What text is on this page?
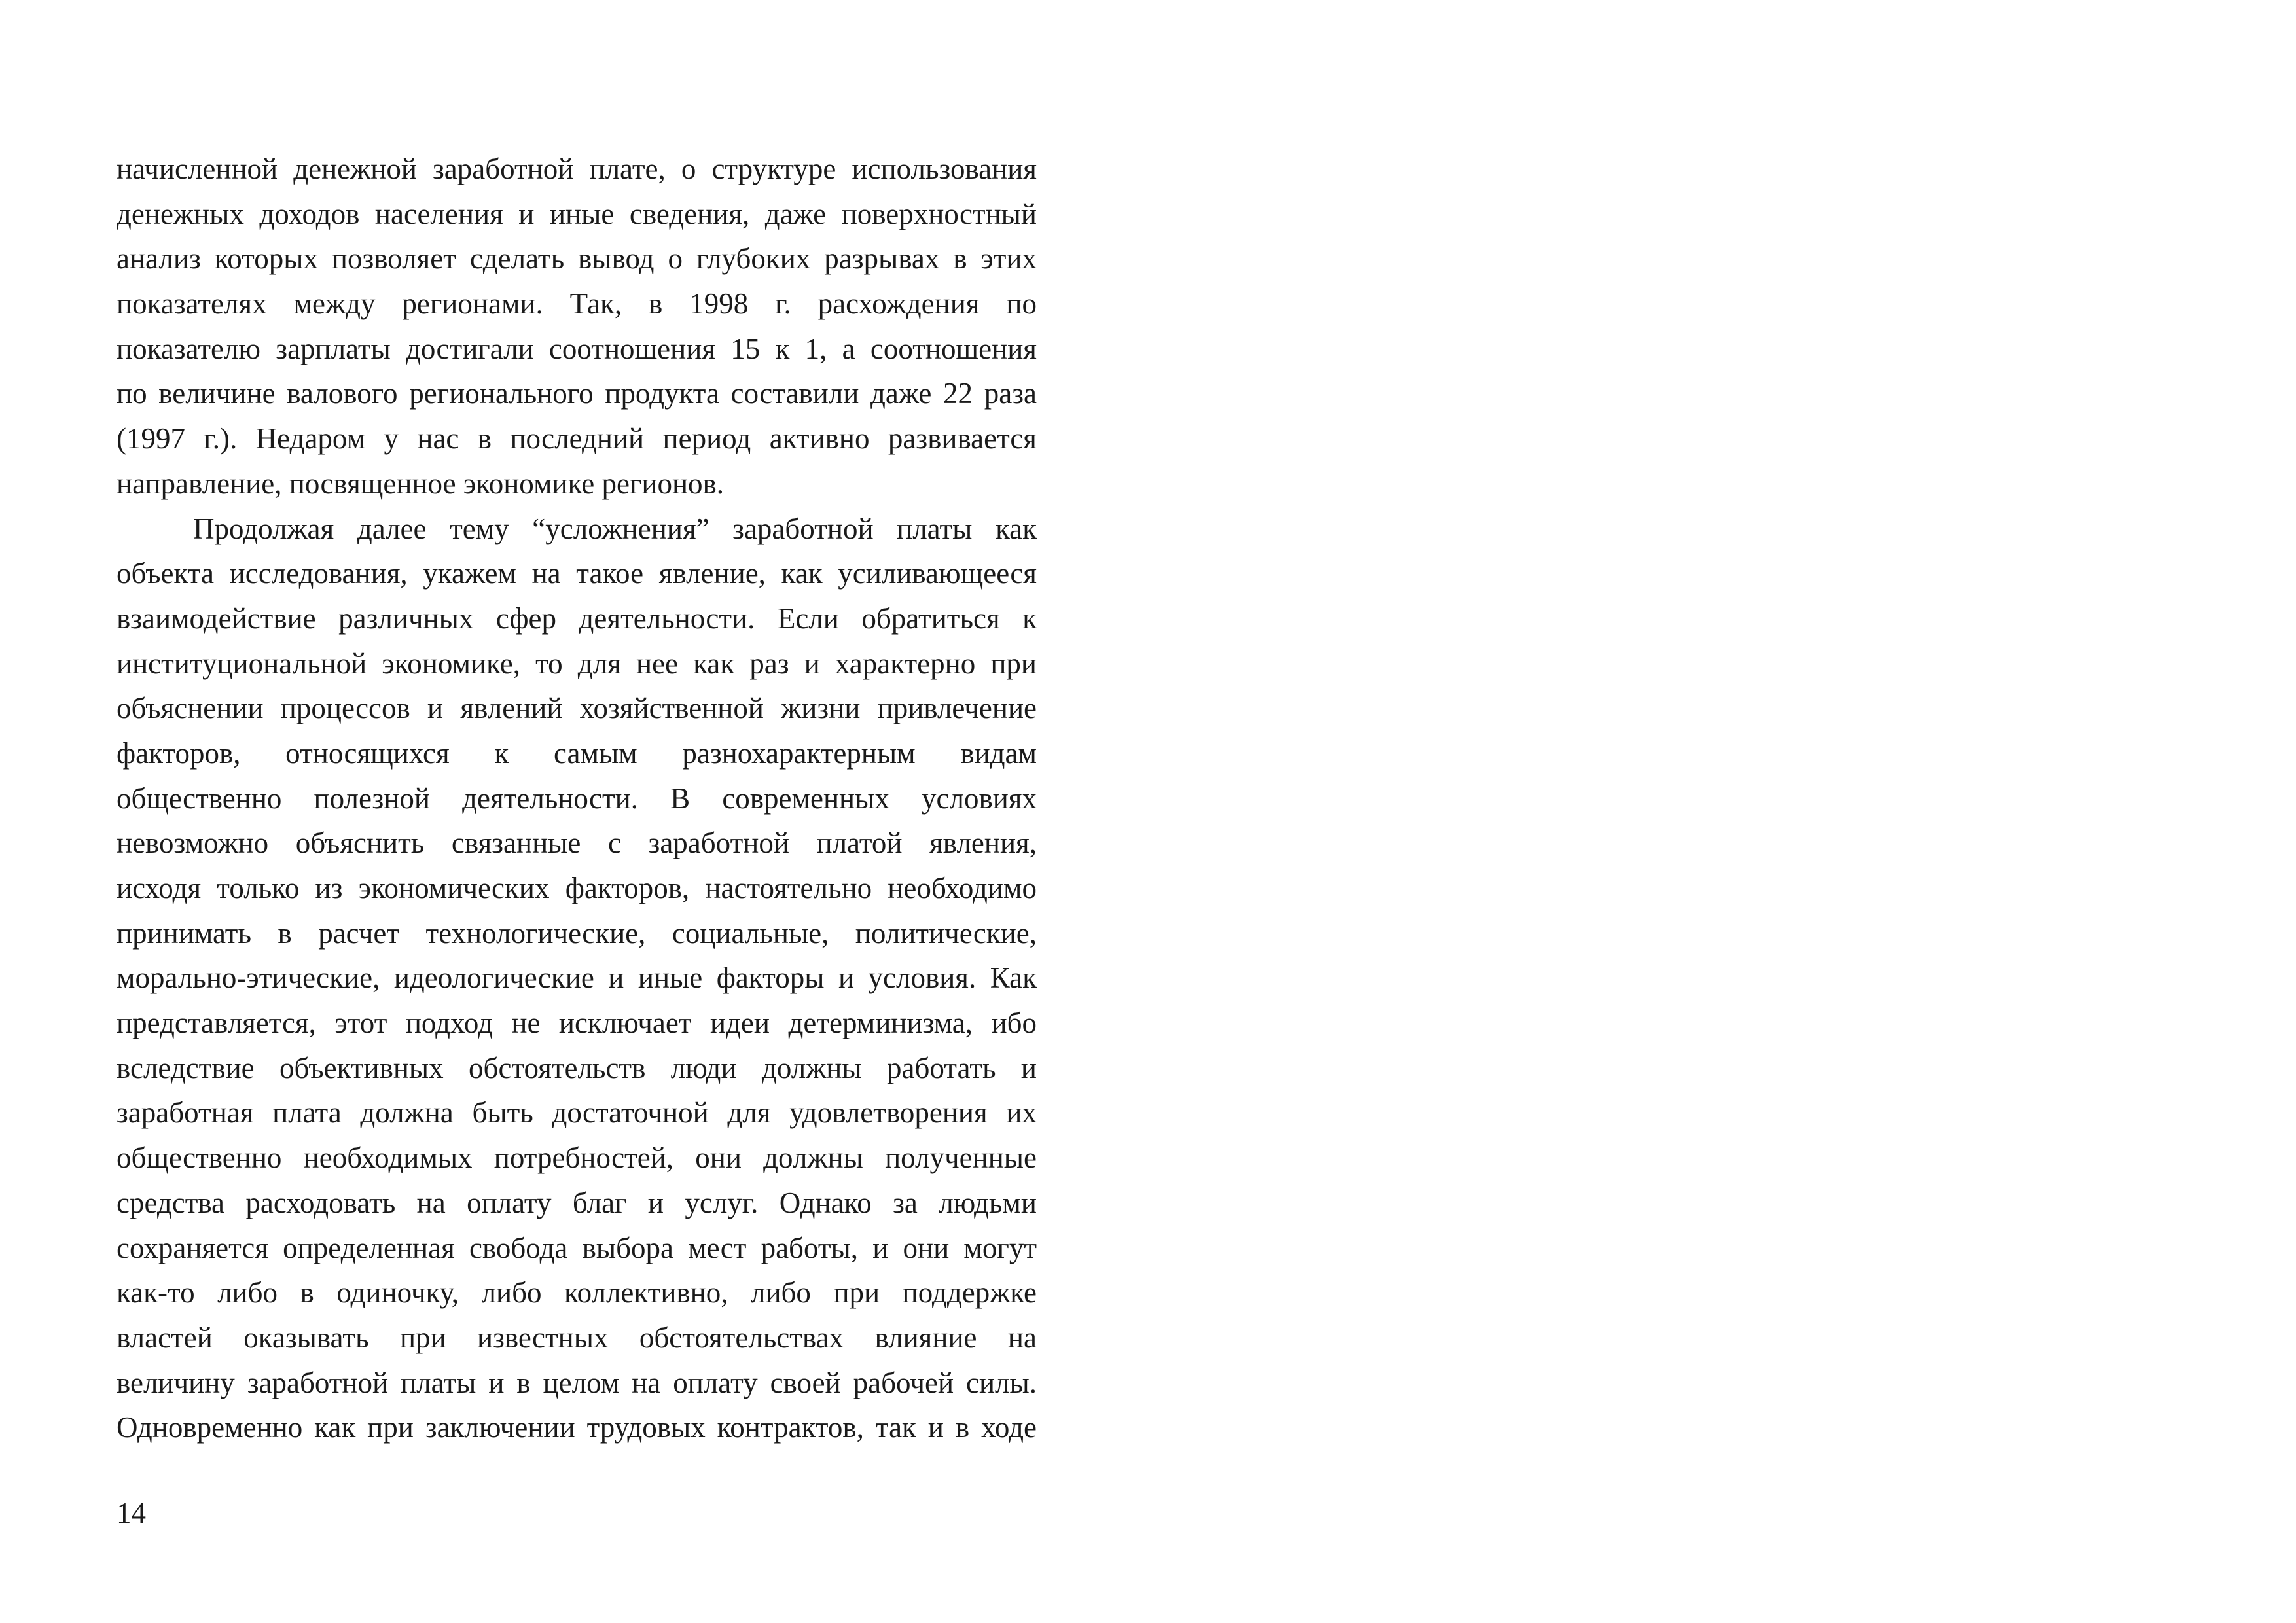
начисленной денежной заработной плате, о структуре использования
денежных доходов населения и иные сведения, даже поверхностный
анализ которых позволяет сделать вывод о глубоких разрывах в этих
показателях между регионами. Так, в 1998 г. расхождения по
показателю зарплаты достигали соотношения 15 к 1, а соотношения
по величине валового регионального продукта составили даже 22 раза
(1997 г.). Недаром у нас в последний период активно развивается
направление, посвященное экономике регионов.
Продолжая далее тему “усложнения” заработной платы как
объекта исследования, укажем на такое явление, как усиливающееся
взаимодействие различных сфер деятельности. Если обратиться к
институциональной экономике, то для нее как раз и характерно при
объяснении процессов и явлений хозяйственной жизни привлечение
факторов, относящихся к самым разнохарактерным видам
общественно полезной деятельности. В современных условиях
невозможно объяснить связанные с заработной платой явления,
исходя только из экономических факторов, настоятельно необходимо
принимать в расчет технологические, социальные, политические,
морально-этические, идеологические и иные факторы и условия. Как
представляется, этот подход не исключает идеи детерминизма, ибо
вследствие объективных обстоятельств люди должны работать и
заработная плата должна быть достаточной для удовлетворения их
общественно необходимых потребностей, они должны полученные
средства расходовать на оплату благ и услуг. Однако за людьми
сохраняется определенная свобода выбора мест работы, и они могут
как-то либо в одиночку, либо коллективно, либо при поддержке
властей оказывать при известных обстоятельствах влияние на
величину заработной платы и в целом на оплату своей рабочей силы.
Одновременно как при заключении трудовых контрактов, так и в ходе
14
